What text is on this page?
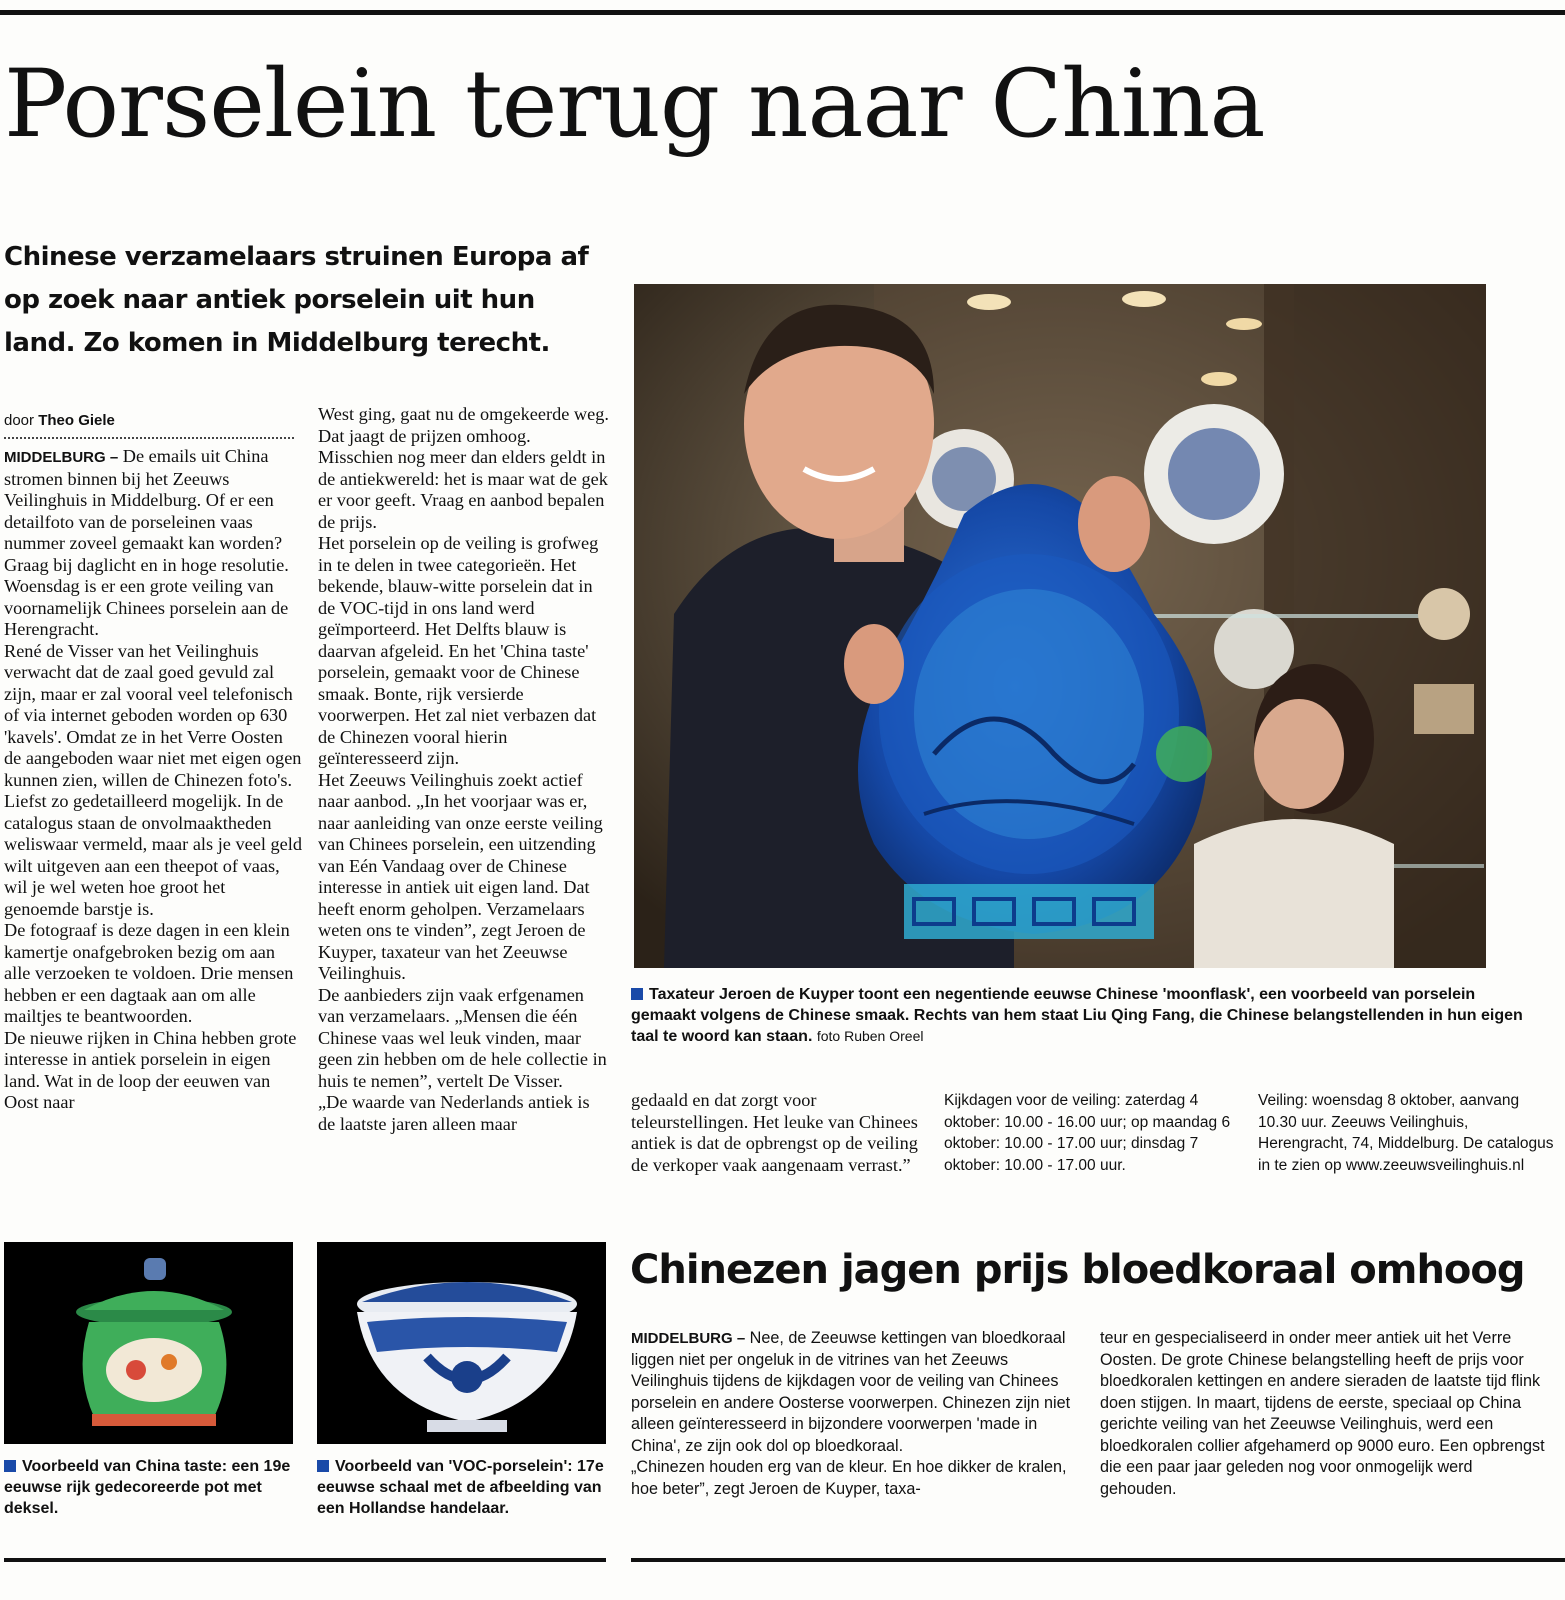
Porselein terug naar China
Chinese verzamelaars struinen Europa af op zoek naar antiek porselein uit hun land. Zo komen in Middelburg terecht.
door Theo Giele

MIDDELBURG – De emails uit China stromen binnen bij het Zeeuws Veilinghuis in Middelburg. Of er een detailfoto van de porseleinen vaas nummer zoveel gemaakt kan worden? Graag bij daglicht en in hoge resolutie. Woensdag is er een grote veiling van voornamelijk Chinees porselein aan de Herengracht.

René de Visser van het Veilinghuis verwacht dat de zaal goed gevuld zal zijn, maar er zal vooral veel telefonisch of via internet geboden worden op 630 'kavels'. Omdat ze in het Verre Oosten de aangeboden waar niet met eigen ogen kunnen zien, willen de Chinezen foto's. Liefst zo gedetailleerd mogelijk. In de catalogus staan de onvolmaaktheden weliswaar vermeld, maar als je veel geld wilt uitgeven aan een theepot of vaas, wil je wel weten hoe groot het genoemde barstje is.

De fotograaf is deze dagen in een klein kamertje onafgebroken bezig om aan alle verzoeken te voldoen. Drie mensen hebben er een dagtaak aan om alle mailtjes te beantwoorden.

De nieuwe rijken in China hebben grote interesse in antiek porselein in eigen land. Wat in de loop der eeuwen van Oost naar

West ging, gaat nu de omgekeerde weg. Dat jaagt de prijzen omhoog. Misschien nog meer dan elders geldt in de antiekwereld: het is maar wat de gek er voor geeft. Vraag en aanbod bepalen de prijs.

Het porselein op de veiling is grofweg in te delen in twee categorieën. Het bekende, blauw-witte porselein dat in de VOC-tijd in ons land werd geïmporteerd. Het Delfts blauw is daarvan afgeleid. En het 'China taste' porselein, gemaakt voor de Chinese smaak. Bonte, rijk versierde voorwerpen. Het zal niet verbazen dat de Chinezen vooral hierin geïnteresseerd zijn.

Het Zeeuws Veilinghuis zoekt actief naar aanbod. „In het voorjaar was er, naar aanleiding van onze eerste veiling van Chinees porselein, een uitzending van Eén Vandaag over de Chinese interesse in antiek uit eigen land. Dat heeft enorm geholpen. Verzamelaars weten ons te vinden”, zegt Jeroen de Kuyper, taxateur van het Zeeuwse Veilinghuis.

De aanbieders zijn vaak erfgenamen van verzamelaars. „Mensen die één Chinese vaas wel leuk vinden, maar geen zin hebben om de hele collectie in huis te nemen”, vertelt De Visser.

„De waarde van Nederlands antiek is de laatste jaren alleen maar

gedaald en dat zorgt voor teleurstellingen. Het leuke van Chinees antiek is dat de opbrengst op de veiling de verkoper vaak aangenaam verrast.”

Kijkdagen voor de veiling: zaterdag 4 oktober: 10.00 - 16.00 uur; op maandag 6 oktober: 10.00 - 17.00 uur; dinsdag 7 oktober: 10.00 - 17.00 uur.
Veiling: woensdag 8 oktober, aanvang 10.30 uur. Zeeuws Veilinghuis, Herengracht, 74, Middelburg. De catalogus in te zien op www.zeeuwsveilinghuis.nl
Taxateur Jeroen de Kuyper toont een negentiende eeuwse Chinese 'moonflask', een voorbeeld van porselein gemaakt volgens de Chinese smaak. Rechts van hem staat Liu Qing Fang, die Chinese belangstellenden in hun eigen taal te woord kan staan. foto Ruben Oreel
Voorbeeld van China taste: een 19e eeuwse rijk gedecoreerde pot met deksel.
Voorbeeld van 'VOC-porselein': 17e eeuwse schaal met de afbeelding van een Hollandse handelaar.
Chinezen jagen prijs bloedkoraal omhoog

MIDDELBURG – Nee, de Zeeuwse kettingen van bloedkoraal liggen niet per ongeluk in de vitrines van het Zeeuws Veilinghuis tijdens de kijkdagen voor de veiling van Chinees porselein en andere Oosterse voorwerpen. Chinezen zijn niet alleen geïnteresseerd in bijzondere voorwerpen 'made in China', ze zijn ook dol op bloedkoraal.

„Chinezen houden erg van de kleur. En hoe dikker de kralen, hoe beter”, zegt Jeroen de Kuyper, taxa-

teur en gespecialiseerd in onder meer antiek uit het Verre Oosten. De grote Chinese belangstelling heeft de prijs voor bloedkoralen kettingen en andere sieraden de laatste tijd flink doen stijgen. In maart, tijdens de eerste, speciaal op China gerichte veiling van het Zeeuwse Veilinghuis, werd een bloedkoralen collier afgehamerd op 9000 euro. Een opbrengst die een paar jaar geleden nog voor onmogelijk werd gehouden.
